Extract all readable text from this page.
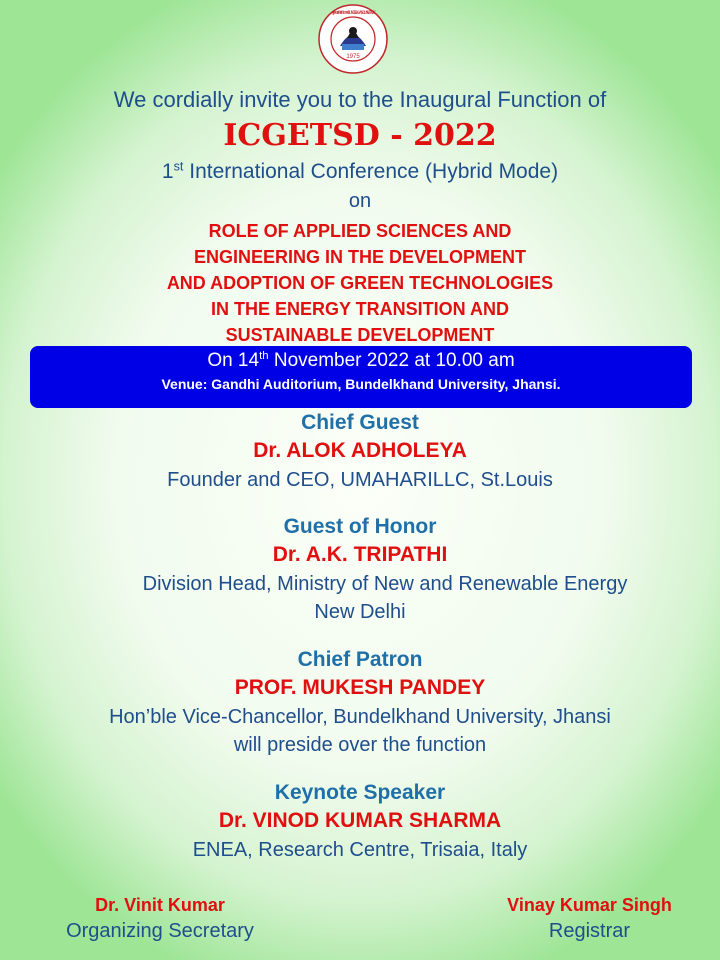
1975
बुन्देलखण्ड विश्वविद्यालय BUNDELKHAND UNIVERSITY
We cordially invite you to the Inaugural Function of
ICGETSD - 2022
1st International Conference (Hybrid Mode)
on
ROLE OF APPLIED SCIENCES AND
ENGINEERING IN THE DEVELOPMENT
AND ADOPTION OF GREEN TECHNOLOGIES
IN THE ENERGY TRANSITION AND
SUSTAINABLE DEVELOPMENT
On 14th November 2022 at 10.00 am
Venue: Gandhi Auditorium, Bundelkhand University, Jhansi.
Chief Guest
Dr. ALOK ADHOLEYA
Founder and CEO, UMAHARILLC, St.Louis
Guest of Honor
Dr. A.K. TRIPATHI
Division Head, Ministry of New and Renewable Energy
New Delhi
Chief Patron
PROF. MUKESH PANDEY
Hon’ble Vice-Chancellor, Bundelkhand University, Jhansi
will preside over the function
Keynote Speaker
Dr. VINOD KUMAR SHARMA
ENEA, Research Centre, Trisaia, Italy
Dr. Vinit Kumar
Organizing Secretary
Vinay Kumar Singh
Registrar
